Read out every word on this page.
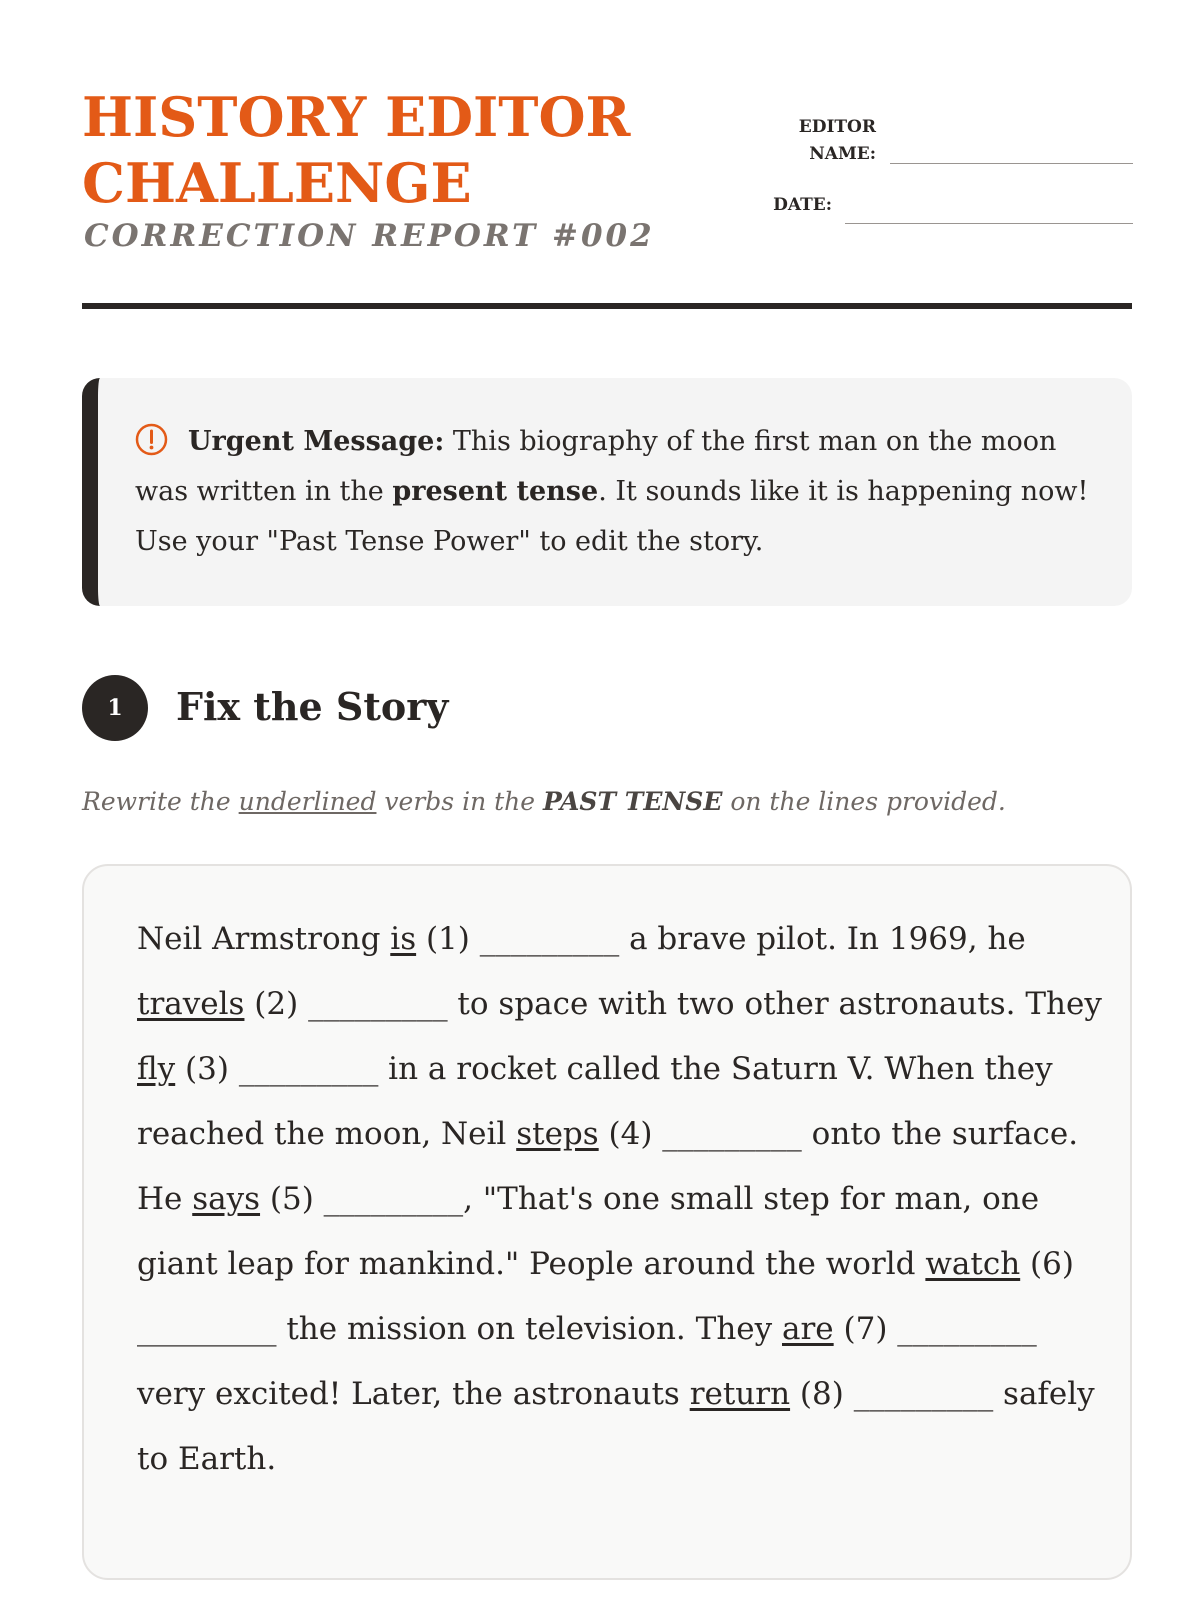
HISTORY EDITOR
CHALLENGE
CORRECTION REPORT #002
EDITOR
NAME:
DATE:
Urgent Message: This biography of the first man on the moon was written in the present tense. It sounds like it is happening now! Use your "Past Tense Power" to edit the story.
1	Fix the Story
Rewrite the underlined verbs in the PAST TENSE on the lines provided.
Neil Armstrong is (1) _________ a brave pilot. In 1969, he
travels (2) _________ to space with two other astronauts. They
fly (3) _________ in a rocket called the Saturn V. When they
reached the moon, Neil steps (4) _________ onto the surface.
He says (5) _________, "That's one small step for man, one
giant leap for mankind." People around the world watch (6)
_________ the mission on television. They are (7) _________
very excited! Later, the astronauts return (8) _________ safely
to Earth.
